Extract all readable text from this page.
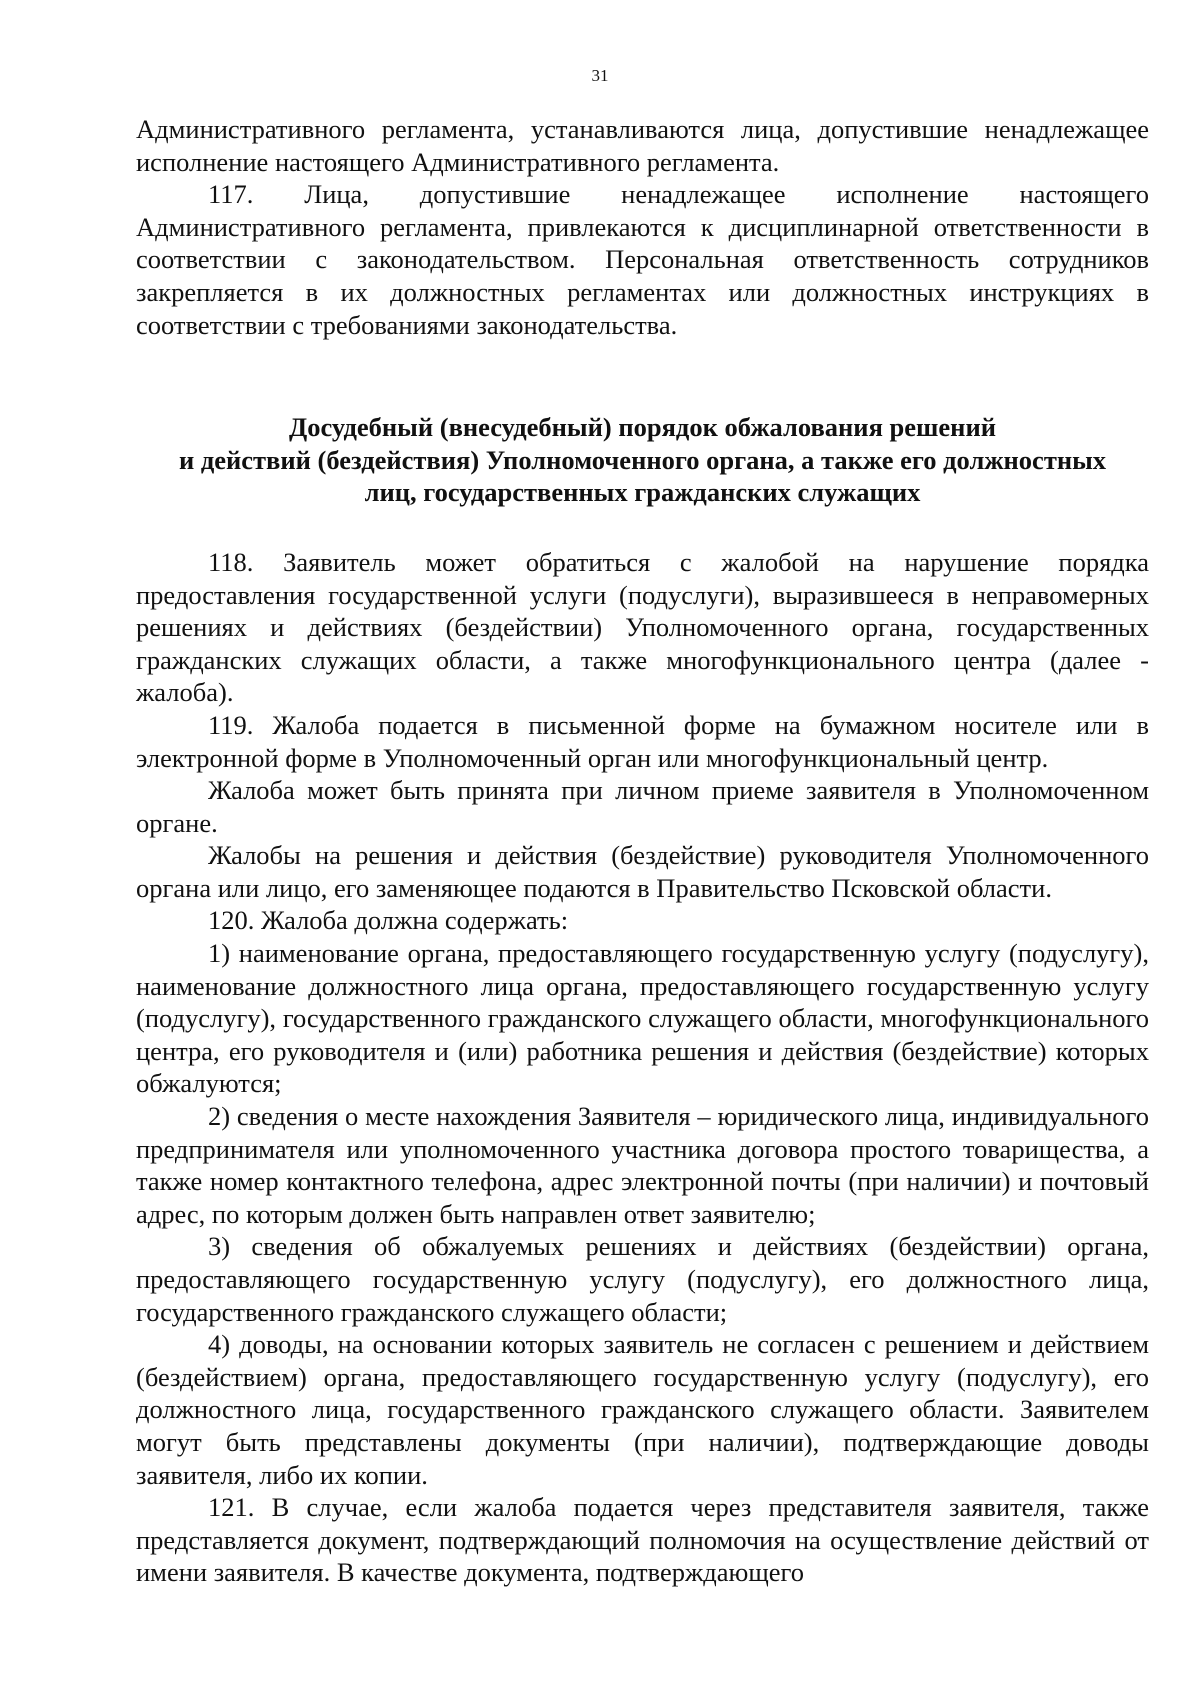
31

Административного регламента, устанавливаются лица, допустившие ненадлежащее исполнение настоящего Административного регламента.

117. Лица, допустившие ненадлежащее исполнение настоящего Административного регламента, привлекаются к дисциплинарной ответственности в соответствии с законодательством. Персональная ответственность сотрудников закрепляется в их должностных регламентах или должностных инструкциях в соответствии с требованиями законодательства.

Досудебный (внесудебный) порядок обжалования решений
и действий (бездействия) Уполномоченного органа, а также его должностных
лиц, государственных гражданских служащих

118. Заявитель может обратиться с жалобой на нарушение порядка предоставления государственной услуги (подуслуги), выразившееся в неправомерных решениях и действиях (бездействии) Уполномоченного органа, государственных гражданских служащих области, а также многофункционального центра (далее - жалоба).

119. Жалоба подается в письменной форме на бумажном носителе или в электронной форме в Уполномоченный орган или многофункциональный центр.

Жалоба может быть принята при личном приеме заявителя в Уполномоченном органе.

Жалобы на решения и действия (бездействие) руководителя Уполномоченного органа или лицо, его заменяющее подаются в Правительство Псковской области.

120. Жалоба должна содержать:

1) наименование органа, предоставляющего государственную услугу (подуслугу), наименование должностного лица органа, предоставляющего государственную услугу (подуслугу), государственного гражданского служащего области, многофункционального центра, его руководителя и (или) работника решения и действия (бездействие) которых обжалуются;

2) сведения о месте нахождения Заявителя – юридического лица, индивидуального предпринимателя или уполномоченного участника договора простого товарищества, а также номер контактного телефона, адрес электронной почты (при наличии) и почтовый адрес, по которым должен быть направлен ответ заявителю;

3) сведения об обжалуемых решениях и действиях (бездействии) органа, предоставляющего государственную услугу (подуслугу), его должностного лица, государственного гражданского служащего области;

4) доводы, на основании которых заявитель не согласен с решением и действием (бездействием) органа, предоставляющего государственную услугу (подуслугу), его должностного лица, государственного гражданского служащего области. Заявителем могут быть представлены документы (при наличии), подтверждающие доводы заявителя, либо их копии.

121. В случае, если жалоба подается через представителя заявителя, также представляется документ, подтверждающий полномочия на осуществление действий от имени заявителя. В качестве документа, подтверждающего
